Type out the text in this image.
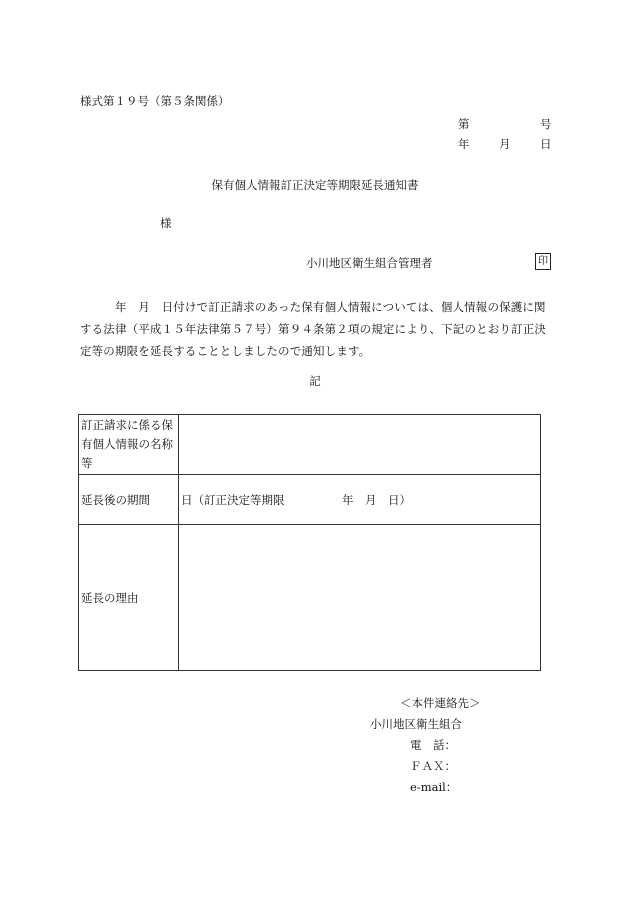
様式第１９号（第５条関係）
第	号
年	月	日
保有個人情報訂正決定等期限延長通知書
様
小川地区衛生組合管理者	印
年　月　日付けで訂正請求のあった保有個人情報については、個人情報の保護に関する法律（平成１５年法律第５７号）第９４条第２項の規定により、下記のとおり訂正決定等の期限を延長することとしましたので通知します。
記
訂正請求に係る保有個人情報の名称等	
延長後の期間	日（訂正決定等期限　　　　　年　月　日）
延長の理由	
＜本件連絡先＞
小川地区衛生組合
電　話：
ＦＡＸ：
e-mail：
